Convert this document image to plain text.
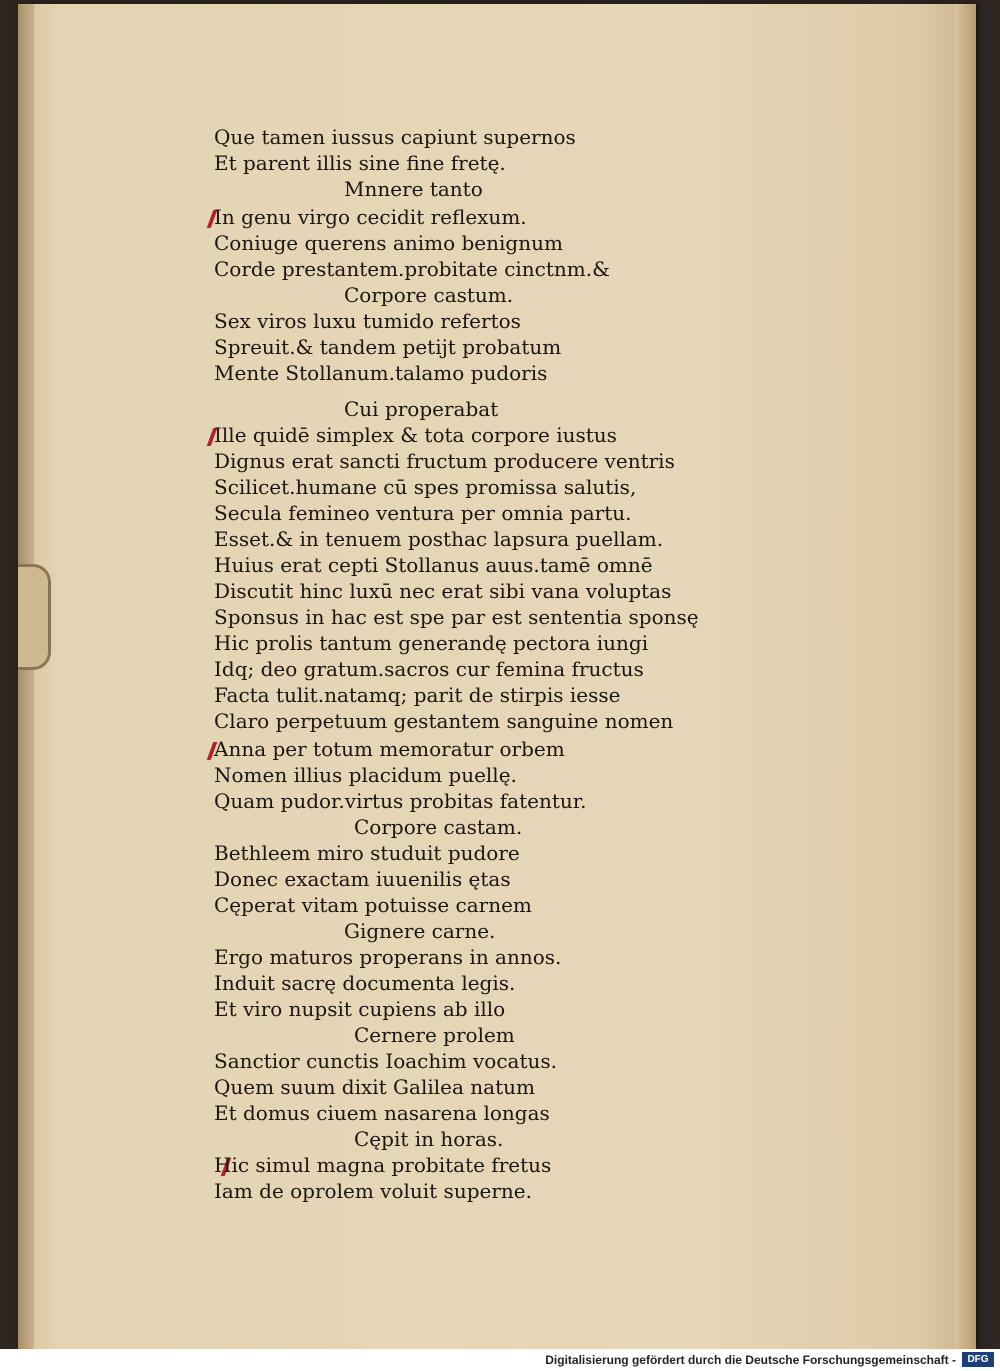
Que tamen iussus capiunt supernos
Et parent illis sine fine fretę.
Mnnere tanto
In genu virgo cecidit reflexum.
Coniuge querens animo benignum
Corde prestantem.probitate cinctnm.&
Corpore castum.
Sex viros luxu tumido refertos
Spreuit.& tandem petijt probatum
Mente Stollanum.talamo pudoris
Cui properabat
Ille quidē simplex & tota corpore iustus
Dignus erat sancti fructum producere ventris
Scilicet.humane cū spes promissa salutis,
Secula femineo ventura per omnia partu.
Esset.& in tenuem posthac lapsura puellam.
Huius erat cepti Stollanus auus.tamē omnē
Discutit hinc luxū nec erat sibi vana voluptas
Sponsus in hac est spe par est sententia sponsę
Hic prolis tantum generandę pectora iungi
Idq; deo gratum.sacros cur femina fructus
Facta tulit.natamq; parit de stirpis iesse
Claro perpetuum gestantem sanguine nomen
Anna per totum memoratur orbem
Nomen illius placidum puellę.
Quam pudor.virtus probitas fatentur.
Corpore castam.
Bethleem miro studuit pudore
Donec exactam iuuenilis ętas
Cęperat vitam potuisse carnem
Gignere carne.
Ergo maturos properans in annos.
Induit sacrę documenta legis.
Et viro nupsit cupiens ab illo
Cernere prolem
Sanctior cunctis Ioachim vocatus.
Quem suum dixit Galilea natum
Et domus ciuem nasarena longas
Cępit in horas.
Hic simul magna probitate fretus
Iam de oprolem voluit superne.
Digitalisierung gefördert durch die Deutsche Forschungsgemeinschaft -	DFG
